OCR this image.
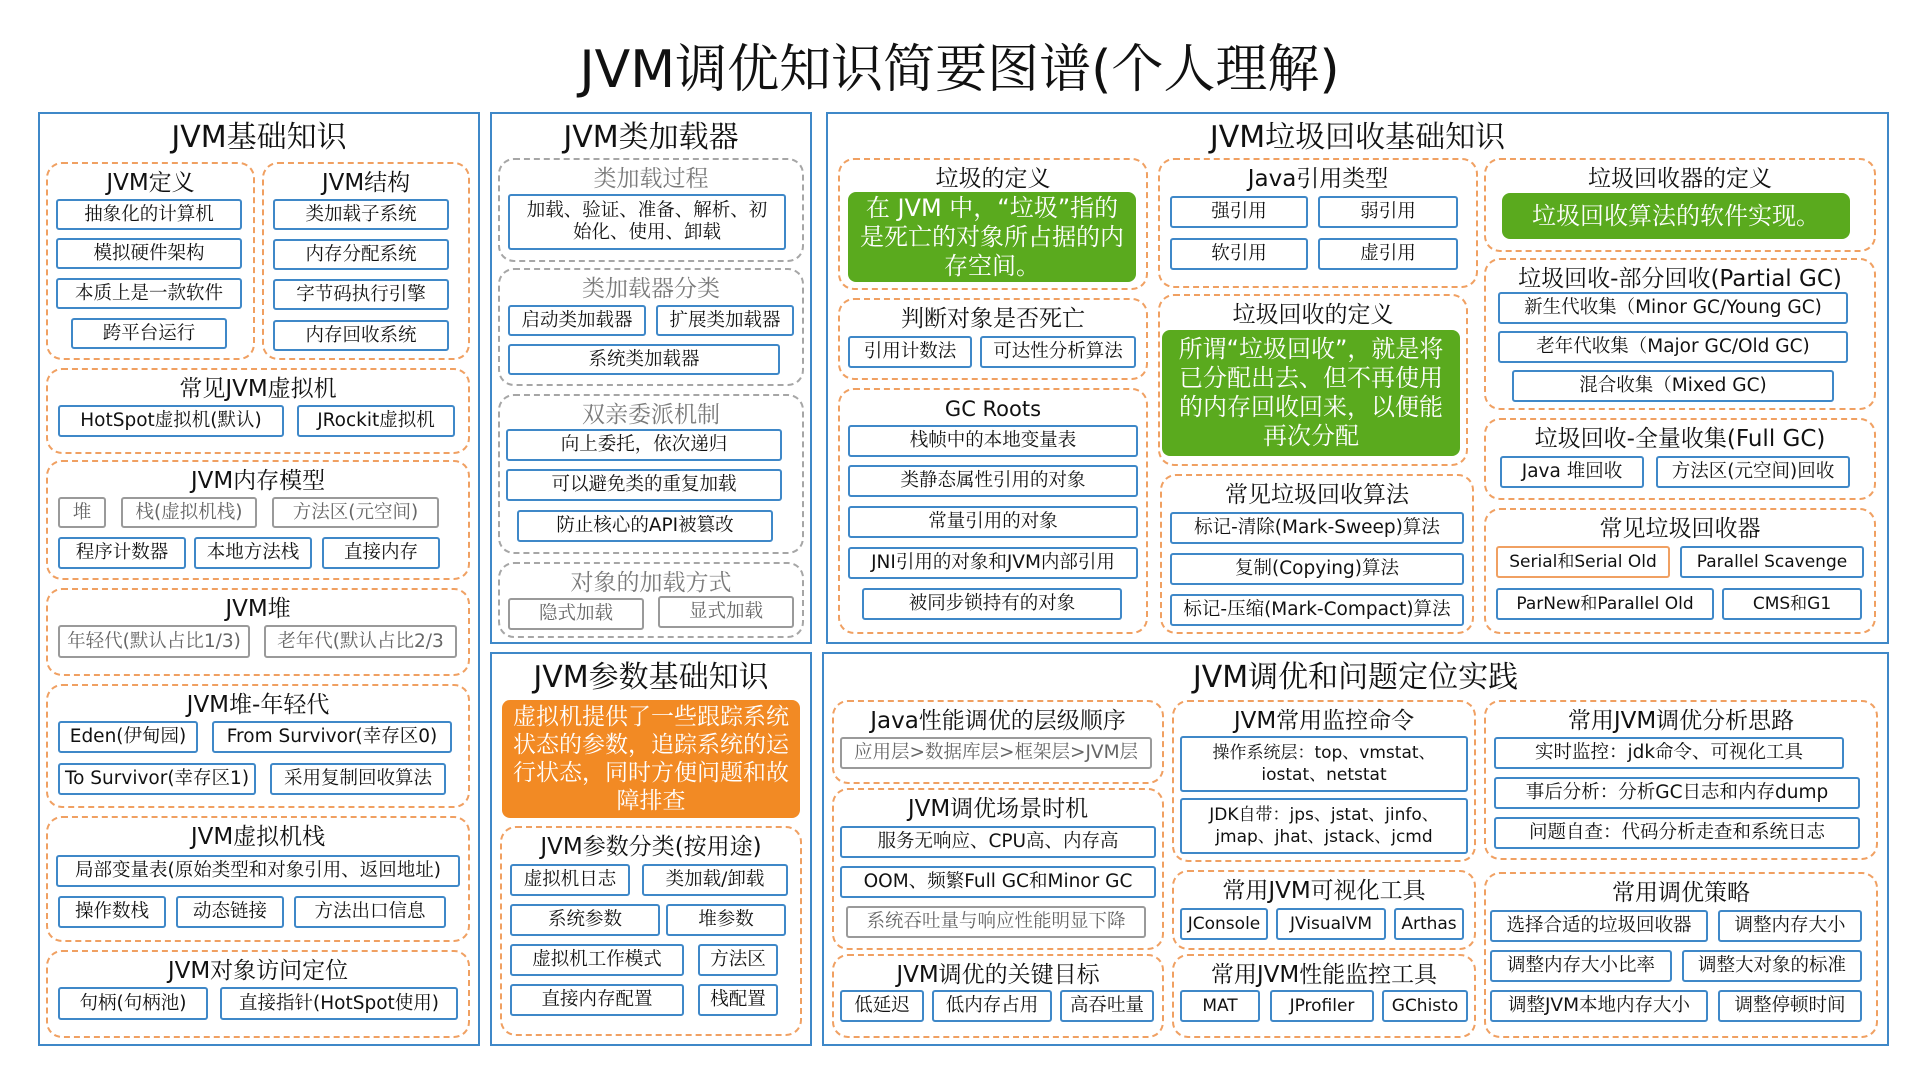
JVM调优知识简要图谱(个人理解)
JVM基础知识
JVM定义
抽象化的计算机
模拟硬件架构
本质上是一款软件
跨平台运行
JVM结构
类加载子系统
内存分配系统
字节码执行引擎
内存回收系统
常见JVM虚拟机
HotSpot虚拟机(默认)	JRockit虚拟机
JVM内存模型
堆	栈(虚拟机栈)	方法区(元空间)
程序计数器	本地方法栈	直接内存
JVM堆
年轻代(默认占比1/3)	老年代(默认占比2/3
JVM堆-年轻代
Eden(伊甸园)	From Survivor(幸存区0)
To Survivor(幸存区1)	采用复制回收算法
JVM虚拟机栈
局部变量表(原始类型和对象引用、返回地址)
操作数栈	动态链接	方法出口信息
JVM对象访问定位
句柄(句柄池)	直接指针(HotSpot使用)
JVM类加载器
类加载过程
加载、验证、准备、解析、初始化、使用、卸载
类加载器分类
启动类加载器	扩展类加载器
系统类加载器
双亲委派机制
向上委托，依次递归
可以避免类的重复加载
防止核心的API被篡改
对象的加载方式
隐式加载	显式加载
JVM垃圾回收基础知识
垃圾的定义
在 JVM 中，“垃圾”指的是死亡的对象所占据的内存空间。
判断对象是否死亡
引用计数法	可达性分析算法
GC Roots
栈帧中的本地变量表
类静态属性引用的对象
常量引用的对象
JNI引用的对象和JVM内部引用
被同步锁持有的对象
Java引用类型
强引用	弱引用
软引用	虚引用
垃圾回收的定义
所谓“垃圾回收”，就是将已分配出去、但不再使用的内存回收回来，以便能再次分配
常见垃圾回收算法
标记-清除(Mark-Sweep)算法
复制(Copying)算法
标记-压缩(Mark-Compact)算法
垃圾回收器的定义
垃圾回收算法的软件实现。
垃圾回收-部分回收(Partial GC)
新生代收集（Minor GC/Young GC)
老年代收集（Major GC/Old GC)
混合收集（Mixed GC)
垃圾回收-全量收集(Full GC)
Java 堆回收	方法区(元空间)回收
常见垃圾回收器
Serial和Serial Old	Parallel Scavenge
ParNew和Parallel Old	CMS和G1
JVM参数基础知识
虚拟机提供了一些跟踪系统状态的参数，追踪系统的运行状态，同时方便问题和故障排查
JVM参数分类(按用途)
虚拟机日志	类加载/卸载
系统参数	堆参数
虚拟机工作模式	方法区
直接内存配置	栈配置
JVM调优和问题定位实践
Java性能调优的层级顺序
应用层>数据库层>框架层>JVM层
JVM调优场景时机
服务无响应、CPU高、内存高
OOM、频繁Full GC和Minor GC
系统吞吐量与响应性能明显下降
JVM调优的关键目标
低延迟	低内存占用	高吞吐量
JVM常用监控命令
操作系统层：top、vmstat、iostat、netstat
JDK自带：jps、jstat、jinfo、jmap、jhat、jstack、jcmd
常用JVM可视化工具
JConsole	JVisualVM	Arthas
常用JVM性能监控工具
MAT	JProfiler	GChisto
常用JVM调优分析思路
实时监控：jdk命令、可视化工具
事后分析：分析GC日志和内存dump
问题自查：代码分析走查和系统日志
常用调优策略
选择合适的垃圾回收器	调整内存大小
调整内存大小比率	调整大对象的标准
调整JVM本地内存大小	调整停顿时间
